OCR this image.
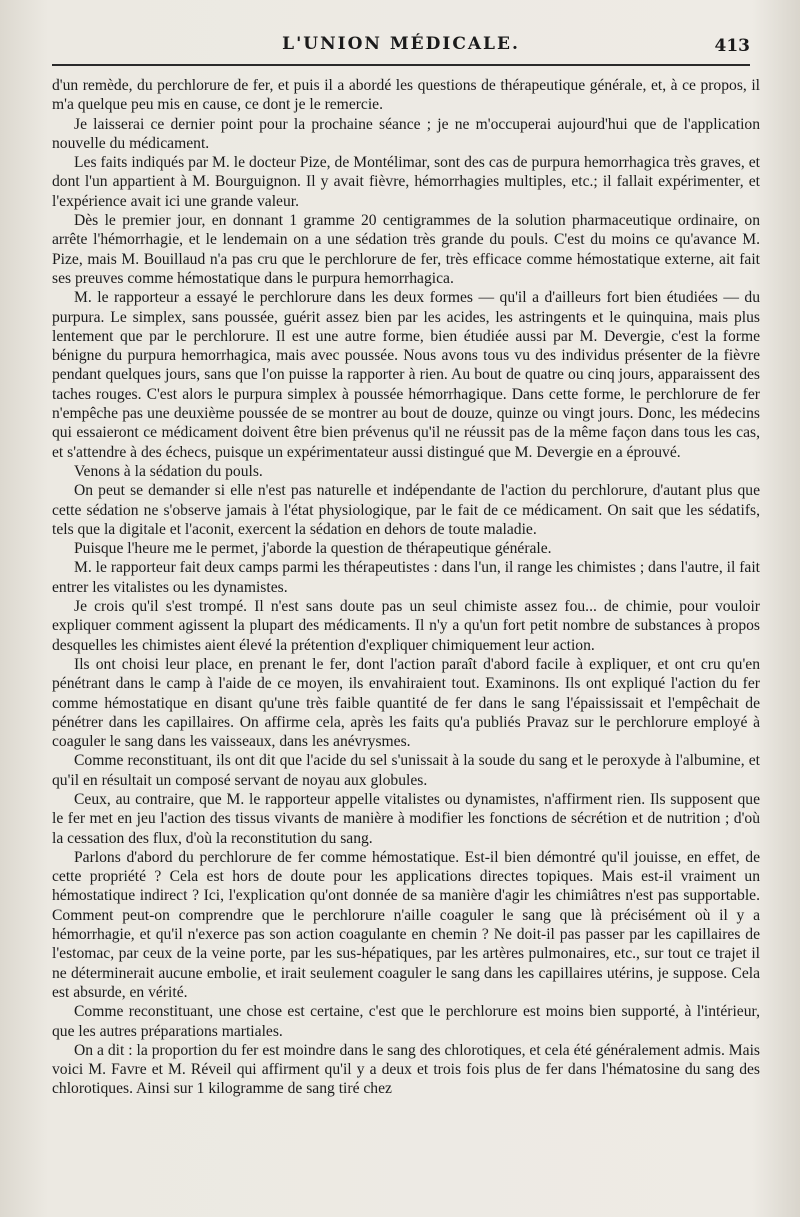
L'UNION MÉDICALE.	413

d'un remède, du perchlorure de fer, et puis il a abordé les questions de thérapeutique générale, et, à ce propos, il m'a quelque peu mis en cause, ce dont je le remercie.

Je laisserai ce dernier point pour la prochaine séance ; je ne m'occuperai aujourd'hui que de l'application nouvelle du médicament.

Les faits indiqués par M. le docteur Pize, de Montélimar, sont des cas de purpura hemorrhagica très graves, et dont l'un appartient à M. Bourguignon. Il y avait fièvre, hémorrhagies multiples, etc.; il fallait expérimenter, et l'expérience avait ici une grande valeur.

Dès le premier jour, en donnant 1 gramme 20 centigrammes de la solution pharmaceutique ordinaire, on arrête l'hémorrhagie, et le lendemain on a une sédation très grande du pouls. C'est du moins ce qu'avance M. Pize, mais M. Bouillaud n'a pas cru que le perchlorure de fer, très efficace comme hémostatique externe, ait fait ses preuves comme hémostatique dans le purpura hemorrhagica.

M. le rapporteur a essayé le perchlorure dans les deux formes — qu'il a d'ailleurs fort bien étudiées — du purpura. Le simplex, sans poussée, guérit assez bien par les acides, les astringents et le quinquina, mais plus lentement que par le perchlorure. Il est une autre forme, bien étudiée aussi par M. Devergie, c'est la forme bénigne du purpura hemorrhagica, mais avec poussée. Nous avons tous vu des individus présenter de la fièvre pendant quelques jours, sans que l'on puisse la rapporter à rien. Au bout de quatre ou cinq jours, apparaissent des taches rouges. C'est alors le purpura simplex à poussée hémorrhagique. Dans cette forme, le perchlorure de fer n'empêche pas une deuxième poussée de se montrer au bout de douze, quinze ou vingt jours. Donc, les médecins qui essaieront ce médicament doivent être bien prévenus qu'il ne réussit pas de la même façon dans tous les cas, et s'attendre à des échecs, puisque un expérimentateur aussi distingué que M. Devergie en a éprouvé.

Venons à la sédation du pouls.

On peut se demander si elle n'est pas naturelle et indépendante de l'action du perchlorure, d'autant plus que cette sédation ne s'observe jamais à l'état physiologique, par le fait de ce médicament. On sait que les sédatifs, tels que la digitale et l'aconit, exercent la sédation en dehors de toute maladie.

Puisque l'heure me le permet, j'aborde la question de thérapeutique générale.

M. le rapporteur fait deux camps parmi les thérapeutistes : dans l'un, il range les chimistes ; dans l'autre, il fait entrer les vitalistes ou les dynamistes.

Je crois qu'il s'est trompé. Il n'est sans doute pas un seul chimiste assez fou... de chimie, pour vouloir expliquer comment agissent la plupart des médicaments. Il n'y a qu'un fort petit nombre de substances à propos desquelles les chimistes aient élevé la prétention d'expliquer chimiquement leur action.

Ils ont choisi leur place, en prenant le fer, dont l'action paraît d'abord facile à expliquer, et ont cru qu'en pénétrant dans le camp à l'aide de ce moyen, ils envahiraient tout. Examinons. Ils ont expliqué l'action du fer comme hémostatique en disant qu'une très faible quantité de fer dans le sang l'épaississait et l'empêchait de pénétrer dans les capillaires. On affirme cela, après les faits qu'a publiés Pravaz sur le perchlorure employé à coaguler le sang dans les vaisseaux, dans les anévrysmes.

Comme reconstituant, ils ont dit que l'acide du sel s'unissait à la soude du sang et le peroxyde à l'albumine, et qu'il en résultait un composé servant de noyau aux globules.

Ceux, au contraire, que M. le rapporteur appelle vitalistes ou dynamistes, n'affirment rien. Ils supposent que le fer met en jeu l'action des tissus vivants de manière à modifier les fonctions de sécrétion et de nutrition ; d'où la cessation des flux, d'où la reconstitution du sang.

Parlons d'abord du perchlorure de fer comme hémostatique. Est-il bien démontré qu'il jouisse, en effet, de cette propriété ? Cela est hors de doute pour les applications directes topiques. Mais est-il vraiment un hémostatique indirect ? Ici, l'explication qu'ont donnée de sa manière d'agir les chimiâtres n'est pas supportable. Comment peut-on comprendre que le perchlorure n'aille coaguler le sang que là précisément où il y a hémorrhagie, et qu'il n'exerce pas son action coagulante en chemin ? Ne doit-il pas passer par les capillaires de l'estomac, par ceux de la veine porte, par les sus-hépatiques, par les artères pulmonaires, etc., sur tout ce trajet il ne déterminerait aucune embolie, et irait seulement coaguler le sang dans les capillaires utérins, je suppose. Cela est absurde, en vérité.

Comme reconstituant, une chose est certaine, c'est que le perchlorure est moins bien supporté, à l'intérieur, que les autres préparations martiales.

On a dit : la proportion du fer est moindre dans le sang des chlorotiques, et cela été généralement admis. Mais voici M. Favre et M. Réveil qui affirment qu'il y a deux et trois fois plus de fer dans l'hématosine du sang des chlorotiques. Ainsi sur 1 kilogramme de sang tiré chez
